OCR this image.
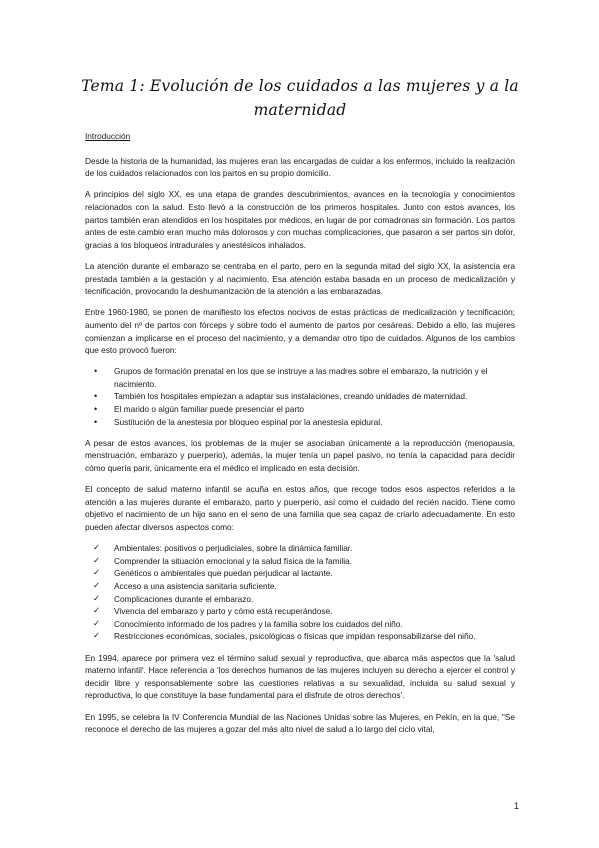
Tema 1: Evolución de los cuidados a las mujeres y a la maternidad
Introducción

Desde la historia de la humanidad, las mujeres eran las encargadas de cuidar a los enfermos, incluido la realización de los cuidados relacionados con los partos en su propio domicilio.

A principios del siglo XX, es una etapa de grandes descubrimientos, avances en la tecnología y conocimientos relacionados con la salud. Esto llevó a la construcción de los primeros hospitales. Junto con estos avances, los partos también eran atendidos en los hospitales por médicos, en lugar de por comadronas sin formación. Los partos antes de este cambio eran mucho más dolorosos y con muchas complicaciones, que pasaron a ser partos sin dolor, gracias a los bloqueos intradurales y anestésicos inhalados.

La atención durante el embarazo se centraba en el parto, pero en la segunda mitad del siglo XX, la asistencia era prestada también a la gestación y al nacimiento. Esa atención estaba basada en un proceso de medicalización y tecnificación, provocando la deshumanización de la atención a las embarazadas.

Entre 1960-1980, se ponen de manifiesto los efectos nocivos de estas prácticas de medicalización y tecnificación; aumento del nº de partos con fórceps y sobre todo el aumento de partos por cesáreas. Debido a ello, las mujeres comienzan a implicarse en el proceso del nacimiento, y a demandar otro tipo de cuidados. Algunos de los cambios que esto provocó fueron:

• Grupos de formación prenatal en los que se instruye a las madres sobre el embarazo, la nutrición y el nacimiento.
• También los hospitales empiezan a adaptar sus instalaciones, creando unidades de maternidad.
• El marido o algún familiar puede presenciar el parto
• Sustitución de la anestesia por bloqueo espinal por la anestesia epidural.

A pesar de estos avances, los problemas de la mujer se asociaban únicamente a la reproducción (menopausia, menstruación, embarazo y puerperio), además, la mujer tenía un papel pasivo, no tenía la capacidad para decidir cómo quería parir, únicamente era el médico el implicado en esta decisión.

El concepto de salud materno infantil se acuña en estos años, que recoge todos esos aspectos referidos a la atención a las mujeres durante el embarazo, parto y puerperio, así como el cuidado del recién nacido. Tiene como objetivo el nacimiento de un hijo sano en el seno de una familia que sea capaz de criarlo adecuadamente. En esto pueden afectar diversos aspectos como:

✓ Ambientales: positivos o perjudiciales, sobre la dinámica familiar.
✓ Comprender la situación emocional y la salud física de la familia.
✓ Genéticos o ambientales que puedan perjudicar al lactante.
✓ Acceso a una asistencia sanitaria suficiente.
✓ Complicaciones durante el embarazo.
✓ Vivencia del embarazo y parto y cómo está recuperándose.
✓ Conocimiento informado de los padres y la familia sobre los cuidados del niño.
✓ Restricciones económicas, sociales, psicológicas o físicas que impidan responsabilizarse del niño.

En 1994, aparece por primera vez el término salud sexual y reproductiva, que abarca más aspectos que la 'salud materno infantil'. Hace referencia a 'los derechos humanos de las mujeres incluyen su derecho a ejercer el control y decidir libre y responsablemente sobre las cuestiones relativas a su sexualidad, incluida su salud sexual y reproductiva, lo que constituye la base fundamental para el disfrute de otros derechos'.

En 1995, se celebra la IV Conferencia Mundial de las Naciones Unidas sobre las Mujeres, en Pekín, en la que, "Se reconoce el derecho de las mujeres a gozar del más alto nivel de salud a lo largo del ciclo vital,

1
